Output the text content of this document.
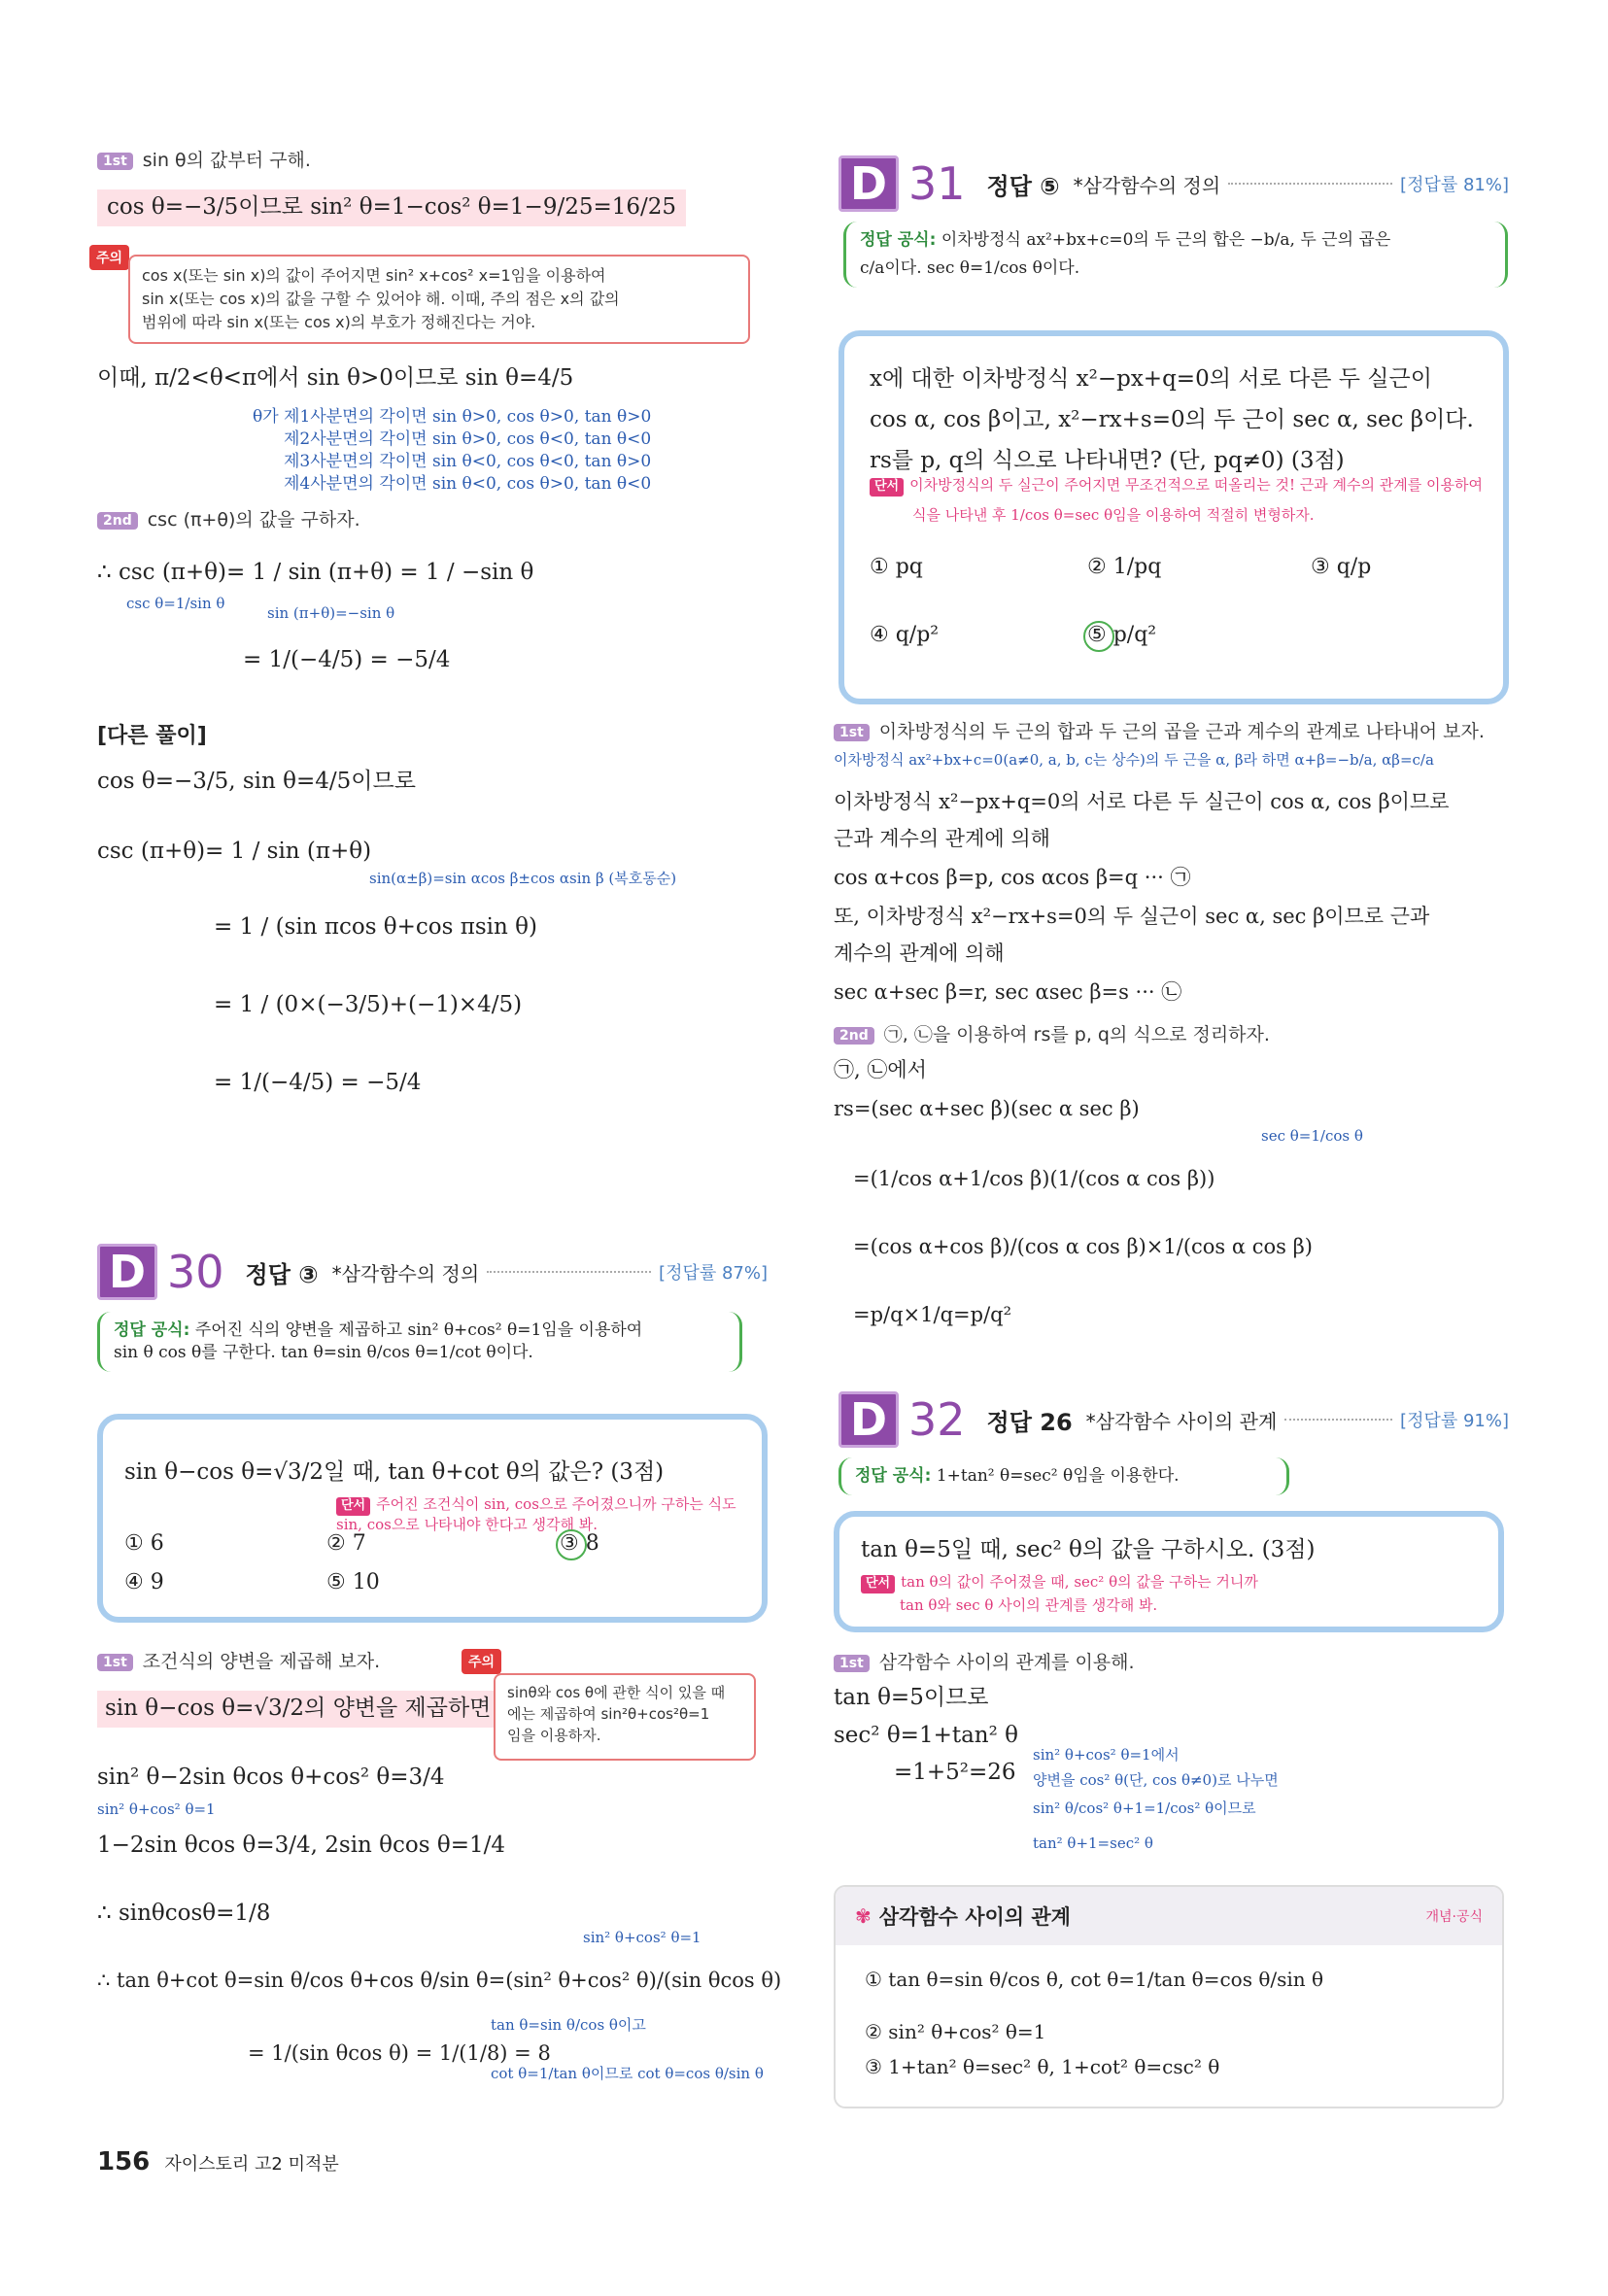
1st sin θ의 값부터 구해.
cos θ=−3/5이므로 sin² θ=1−cos² θ=1−9/25=16/25
주의
cos x(또는 sin x)의 값이 주어지면 sin² x+cos² x=1임을 이용하여
sin x(또는 cos x)의 값을 구할 수 있어야 해. 이때, 주의 점은 x의 값의
범위에 따라 sin x(또는 cos x)의 부호가 정해진다는 거야.
이때, π/2<θ<π에서 sin θ>0이므로 sin θ=4/5
θ가 제1사분면의 각이면 sin θ>0, cos θ>0, tan θ>0
제2사분면의 각이면 sin θ>0, cos θ<0, tan θ<0
제3사분면의 각이면 sin θ<0, cos θ<0, tan θ>0
제4사분면의 각이면 sin θ<0, cos θ>0, tan θ<0
2nd csc (π+θ)의 값을 구하자.
∴ csc (π+θ)= 1 / sin (π+θ) = 1 / −sin θ
csc θ=1/sin θ
sin (π+θ)=−sin θ
= 1/(−4/5) = −5/4
[다른 풀이]
cos θ=−3/5, sin θ=4/5이므로
csc (π+θ)= 1 / sin (π+θ)
sin(α±β)=sin αcos β±cos αsin β (복호동순)
= 1 / (sin πcos θ+cos πsin θ)
= 1 / (0×(−3/5)+(−1)×4/5)
= 1/(−4/5) = −5/4
D 30 정답 ③ *삼각함수의 정의	[정답률 87%]
정답 공식: 주어진 식의 양변을 제곱하고 sin² θ+cos² θ=1임을 이용하여
sin θ cos θ를 구한다. tan θ=sin θ/cos θ=1/cot θ이다.
sin θ−cos θ=√3/2일 때, tan θ+cot θ의 값은? (3점)
단서 주어진 조건식이 sin, cos으로 주어졌으니까 구하는 식도 sin, cos으로 나타내야 한다고 생각해 봐.
① 6	② 7	③ 8
④ 9	⑤ 10
1st 조건식의 양변을 제곱해 보자.
sin θ−cos θ=√3/2의 양변을 제곱하면
주의
sinθ와 cos θ에 관한 식이 있을 때
에는 제곱하여 sin²θ+cos²θ=1
임을 이용하자.
sin² θ−2sin θcos θ+cos² θ=3/4
sin² θ+cos² θ=1
1−2sin θcos θ=3/4, 2sin θcos θ=1/4
∴ sinθcosθ=1/8
sin² θ+cos² θ=1
∴ tan θ+cot θ=sin θ/cos θ+cos θ/sin θ=(sin² θ+cos² θ)/(sin θcos θ)
= 1/(sin θcos θ) = 1/(1/8) = 8
tan θ=sin θ/cos θ이고
cot θ=1/tan θ이므로 cot θ=cos θ/sin θ
D 31 정답 ⑤ *삼각함수의 정의	[정답률 81%]
정답 공식: 이차방정식 ax²+bx+c=0의 두 근의 합은 −b/a, 두 근의 곱은
c/a이다. sec θ=1/cos θ이다.
x에 대한 이차방정식 x²−px+q=0의 서로 다른 두 실근이
cos α, cos β이고, x²−rx+s=0의 두 근이 sec α, sec β이다.
rs를 p, q의 식으로 나타내면? (단, pq≠0) (3점)
단서 이차방정식의 두 실근이 주어지면 무조건적으로 떠올리는 것! 근과 계수의 관계를 이용하여
식을 나타낸 후 1/cos θ=sec θ임을 이용하여 적절히 변형하자.
① pq	② 1/pq	③ q/p
④ q/p²	⑤ p/q²
1st 이차방정식의 두 근의 합과 두 근의 곱을 근과 계수의 관계로 나타내어 보자.
이차방정식 ax²+bx+c=0(a≠0, a, b, c는 상수)의 두 근을 α, β라 하면 α+β=−b/a, αβ=c/a
이차방정식 x²−px+q=0의 서로 다른 두 실근이 cos α, cos β이므로
근과 계수의 관계에 의해
cos α+cos β=p, cos αcos β=q ··· ㉠
또, 이차방정식 x²−rx+s=0의 두 실근이 sec α, sec β이므로 근과
계수의 관계에 의해
sec α+sec β=r, sec αsec β=s ··· ㉡
2nd ㉠, ㉡을 이용하여 rs를 p, q의 식으로 정리하자.
㉠, ㉡에서
rs=(sec α+sec β)(sec α sec β)
sec θ=1/cos θ
=(1/cos α+1/cos β)(1/(cos α cos β))
=(cos α+cos β)/(cos α cos β)×1/(cos α cos β)
=p/q×1/q=p/q²
D 32 정답 26 *삼각함수 사이의 관계	[정답률 91%]
정답 공식: 1+tan² θ=sec² θ임을 이용한다.
tan θ=5일 때, sec² θ의 값을 구하시오. (3점)
단서 tan θ의 값이 주어졌을 때, sec² θ의 값을 구하는 거니까
tan θ와 sec θ 사이의 관계를 생각해 봐.
1st 삼각함수 사이의 관계를 이용해.
tan θ=5이므로
sec² θ=1+tan² θ
=1+5²=26
sin² θ+cos² θ=1에서
양변을 cos² θ(단, cos θ≠0)로 나누면
sin² θ/cos² θ+1=1/cos² θ이므로
tan² θ+1=sec² θ
✾ 삼각함수 사이의 관계	개념·공식
① tan θ=sin θ/cos θ, cot θ=1/tan θ=cos θ/sin θ
② sin² θ+cos² θ=1
③ 1+tan² θ=sec² θ, 1+cot² θ=csc² θ
156 자이스토리 고2 미적분
